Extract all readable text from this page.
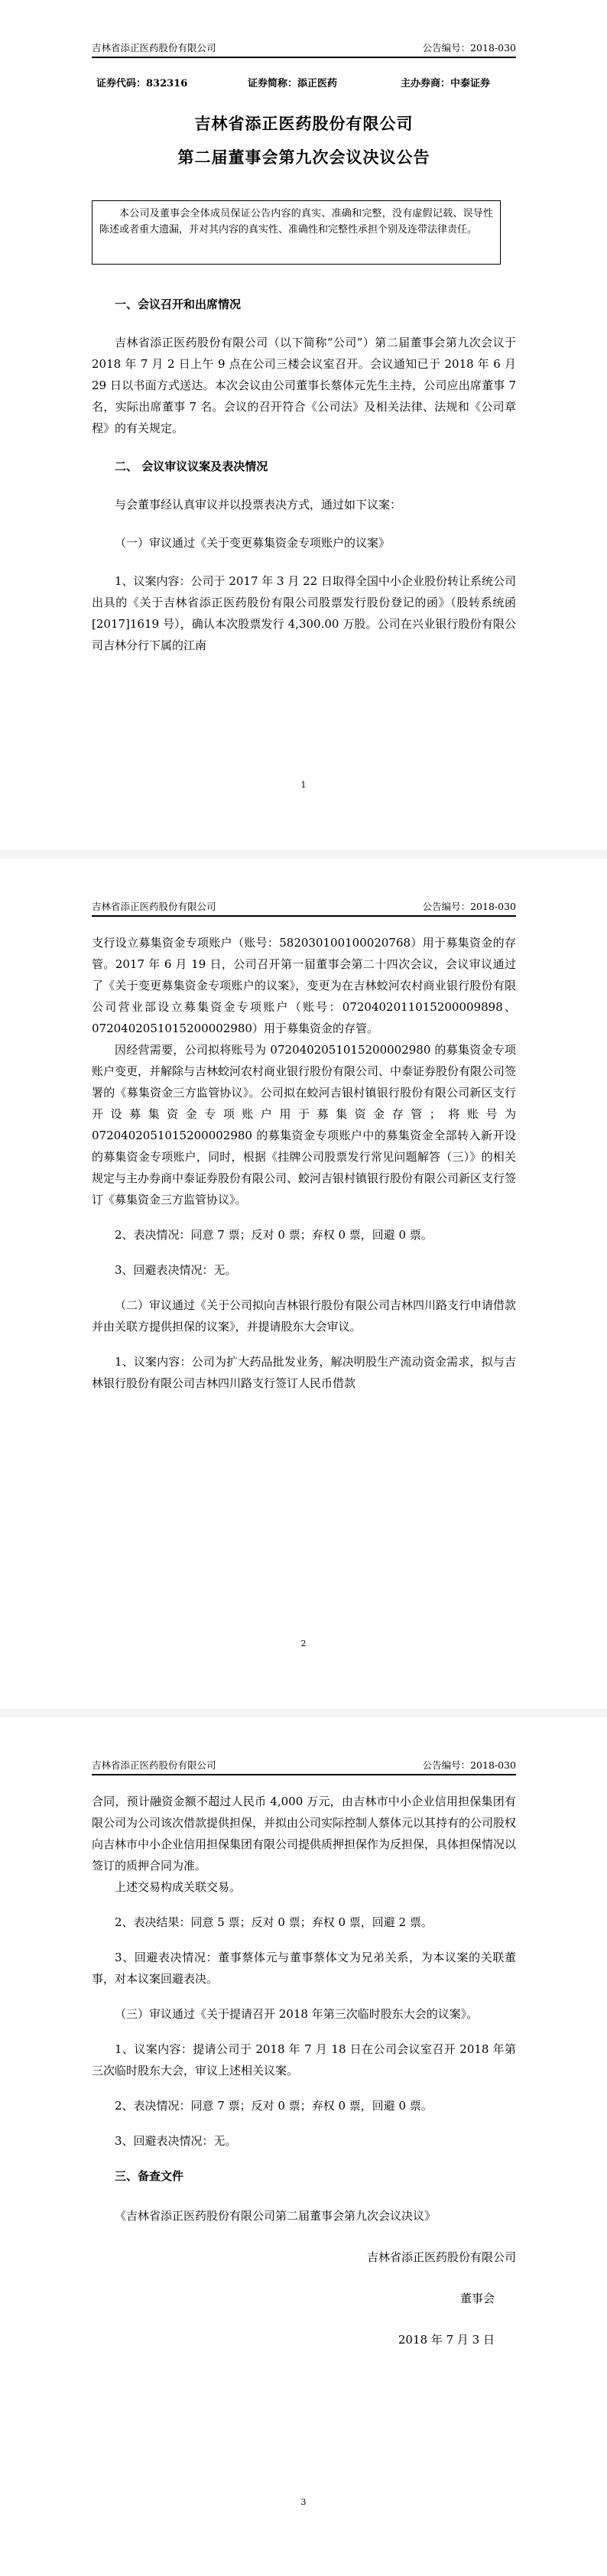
吉林省添正医药股份有限公司	公告编号：2018-030
证券代码：832316	证券简称：添正医药	主办券商：中泰证券
吉林省添正医药股份有限公司
第二届董事会第九次会议决议公告
本公司及董事会全体成员保证公告内容的真实、准确和完整，没有虚假记载、误导性陈述或者重大遗漏，并对其内容的真实性、准确性和完整性承担个别及连带法律责任。

一、会议召开和出席情况

吉林省添正医药股份有限公司（以下简称“公司”）第二届董事会第九次会议于 2018 年 7 月 2 日上午 9 点在公司三楼会议室召开。会议通知已于 2018 年 6 月 29 日以书面方式送达。本次会议由公司董事长蔡体元先生主持，公司应出席董事 7 名，实际出席董事 7 名。会议的召开符合《公司法》及相关法律、法规和《公司章程》的有关规定。

二、 会议审议议案及表决情况

与会董事经认真审议并以投票表决方式，通过如下议案：

（一）审议通过《关于变更募集资金专项账户的议案》

1、议案内容：公司于 2017 年 3 月 22 日取得全国中小企业股份转让系统公司出具的《关于吉林省添正医药股份有限公司股票发行股份登记的函》（股转系统函[2017]1619 号），确认本次股票发行 4,300.00 万股。公司在兴业银行股份有限公司吉林分行下属的江南

1
吉林省添正医药股份有限公司	公告编号：2018-030

支行设立募集资金专项账户（账号：582030100100020768）用于募集资金的存管。2017 年 6 月 19 日，公司召开第一届董事会第二十四次会议，会议审议通过了《关于变更募集资金专项账户的议案》，变更为在吉林蛟河农村商业银行股份有限公司营业部设立募集资金专项账户（账号：0720402011015200009898、0720402051015200002980）用于募集资金的存管。

因经营需要，公司拟将账号为 0720402051015200002980 的募集资金专项账户变更，并解除与吉林蛟河农村商业银行股份有限公司、中泰证券股份有限公司签署的《募集资金三方监管协议》。公司拟在蛟河吉银村镇银行股份有限公司新区支行开设募集资金专项账户用于募集资金存管；将账号为 0720402051015200002980 的募集资金专项账户中的募集资金全部转入新开设的募集资金专项账户，同时，根据《挂牌公司股票发行常见问题解答（三）》的相关规定与主办券商中泰证券股份有限公司、蛟河吉银村镇银行股份有限公司新区支行签订《募集资金三方监管协议》。

2、表决情况：同意 7 票；反对 0 票；弃权 0 票，回避 0 票。

3、回避表决情况：无。

（二）审议通过《关于公司拟向吉林银行股份有限公司吉林四川路支行申请借款并由关联方提供担保的议案》，并提请股东大会审议。

1、议案内容：公司为扩大药品批发业务，解决明股生产流动资金需求，拟与吉林银行股份有限公司吉林四川路支行签订人民币借款

2
吉林省添正医药股份有限公司	公告编号：2018-030

合同，预计融资金额不超过人民币 4,000 万元，由吉林市中小企业信用担保集团有限公司为公司该次借款提供担保，并拟由公司实际控制人蔡体元以其持有的公司股权向吉林市中小企业信用担保集团有限公司提供质押担保作为反担保，具体担保情况以签订的质押合同为准。

上述交易构成关联交易。

2、表决结果：同意 5 票；反对 0 票；弃权 0 票，回避 2 票。

3、回避表决情况：董事蔡体元与董事蔡体文为兄弟关系，为本议案的关联董事，对本议案回避表决。

（三）审议通过《关于提请召开 2018 年第三次临时股东大会的议案》。

1、议案内容：提请公司于 2018 年 7 月 18 日在公司会议室召开 2018 年第三次临时股东大会，审议上述相关议案。

2、表决情况：同意 7 票；反对 0 票；弃权 0 票，回避 0 票。

3、回避表决情况：无。

三、备查文件

《吉林省添正医药股份有限公司第二届董事会第九次会议决议》

吉林省添正医药股份有限公司

董事会

2018 年 7 月 3 日

3
